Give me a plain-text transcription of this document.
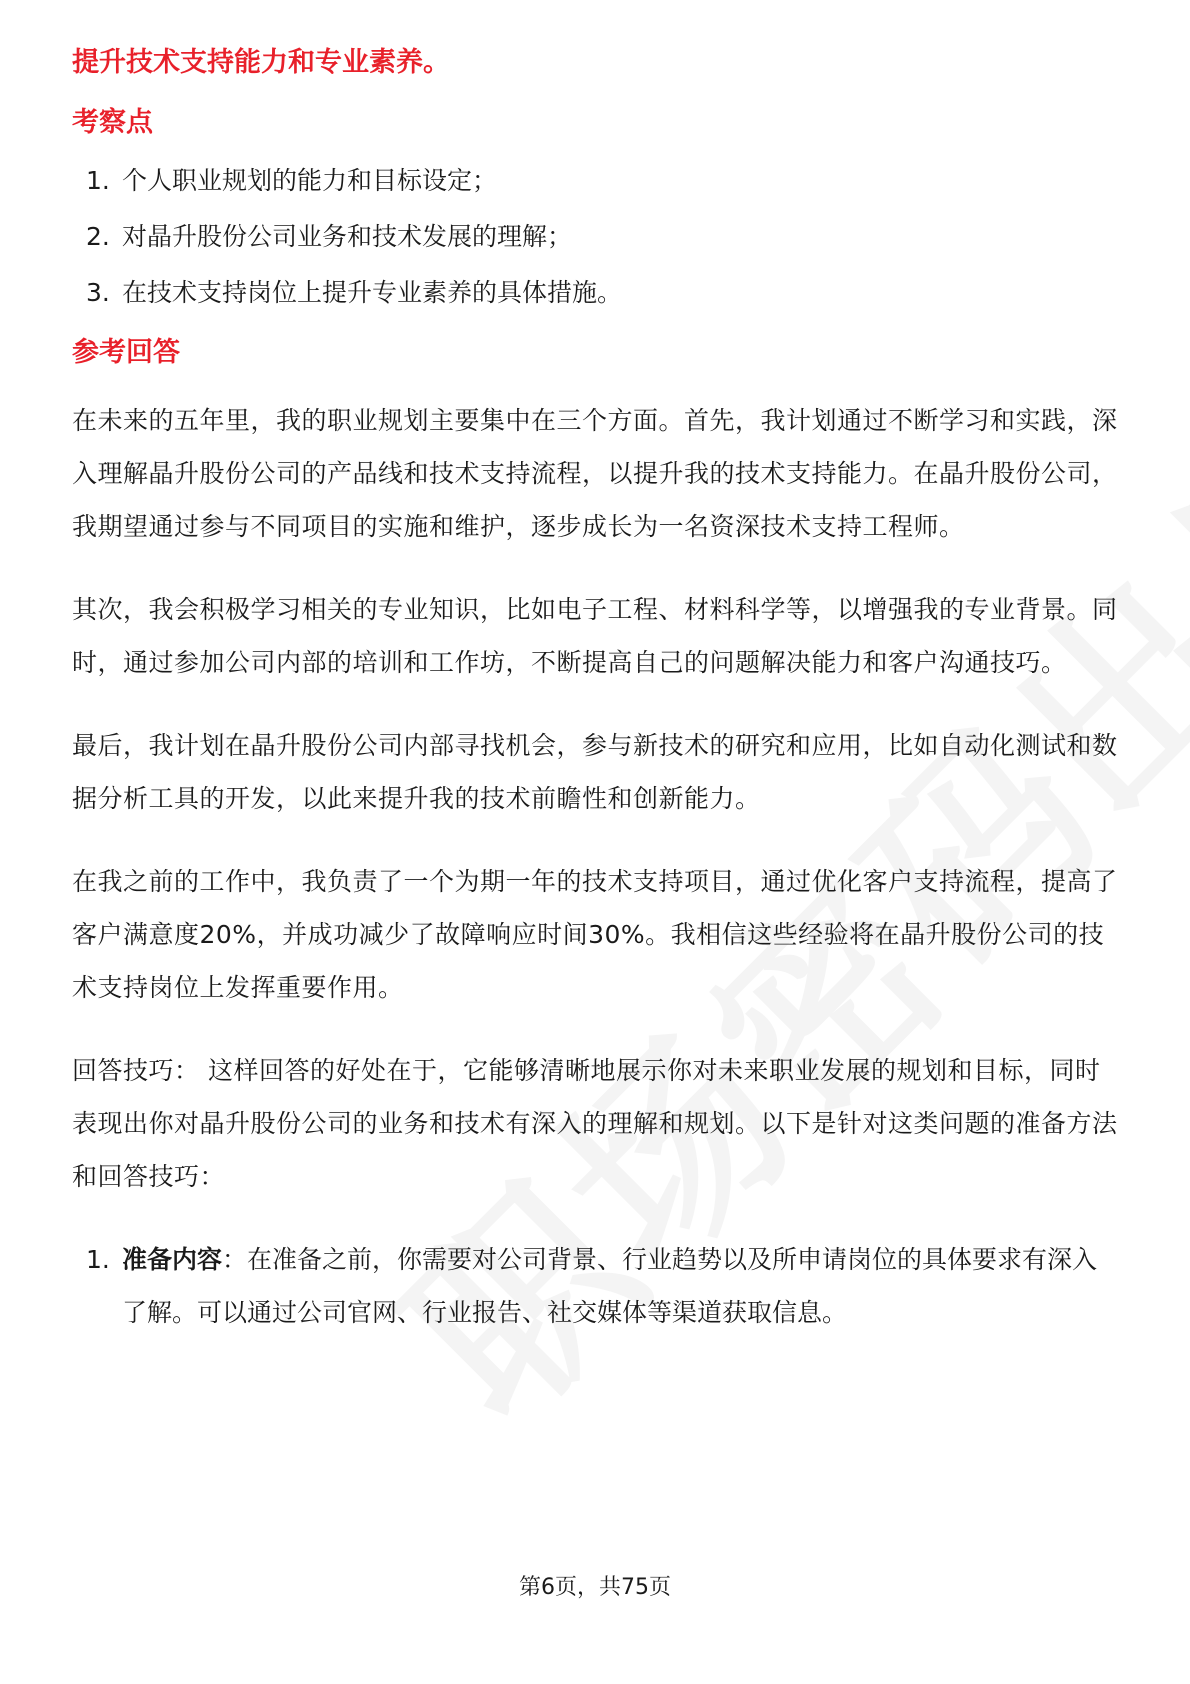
提升技术支持能力和专业素养。
考察点
1. 个人职业规划的能力和目标设定；
2. 对晶升股份公司业务和技术发展的理解；
3. 在技术支持岗位上提升专业素养的具体措施。
参考回答

在未来的五年里，我的职业规划主要集中在三个方面。首先，我计划通过不断学习和实践，深入理解晶升股份公司的产品线和技术支持流程，以提升我的技术支持能力。在晶升股份公司，我期望通过参与不同项目的实施和维护，逐步成长为一名资深技术支持工程师。

其次，我会积极学习相关的专业知识，比如电子工程、材料科学等，以增强我的专业背景。同时，通过参加公司内部的培训和工作坊，不断提高自己的问题解决能力和客户沟通技巧。

最后，我计划在晶升股份公司内部寻找机会，参与新技术的研究和应用，比如自动化测试和数据分析工具的开发，以此来提升我的技术前瞻性和创新能力。

在我之前的工作中，我负责了一个为期一年的技术支持项目，通过优化客户支持流程，提高了客户满意度20%，并成功减少了故障响应时间30%。我相信这些经验将在晶升股份公司的技术支持岗位上发挥重要作用。

回答技巧： 这样回答的好处在于，它能够清晰地展示你对未来职业发展的规划和目标，同时表现出你对晶升股份公司的业务和技术有深入的理解和规划。以下是针对这类问题的准备方法和回答技巧：

1. 准备内容：在准备之前，你需要对公司背景、行业趋势以及所申请岗位的具体要求有深入了解。可以通过公司官网、行业报告、社交媒体等渠道获取信息。
第6页，共75页
